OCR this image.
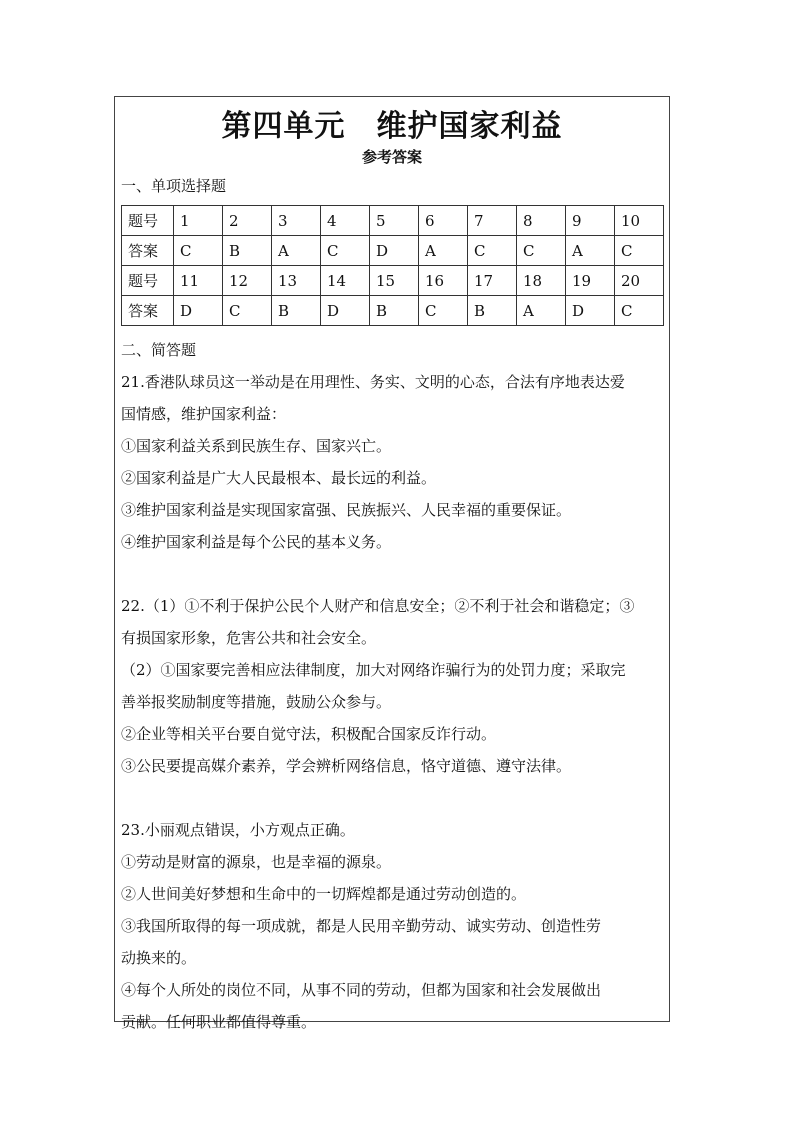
第四单元　维护国家利益
参考答案
一、单项选择题
题号	1	2	3	4	5	6	7	8	9	10
答案	C	B	A	C	D	A	C	C	A	C
题号	11	12	13	14	15	16	17	18	19	20
答案	D	C	B	D	B	C	B	A	D	C
二、简答题

21.香港队球员这一举动是在用理性、务实、文明的心态，合法有序地表达爱

国情感，维护国家利益：

①国家利益关系到民族生存、国家兴亡。

②国家利益是广大人民最根本、最长远的利益。

③维护国家利益是实现国家富强、民族振兴、人民幸福的重要保证。

④维护国家利益是每个公民的基本义务。

22.（1）①不利于保护公民个人财产和信息安全；②不利于社会和谐稳定；③

有损国家形象，危害公共和社会安全。

（2）①国家要完善相应法律制度，加大对网络诈骗行为的处罚力度；采取完

善举报奖励制度等措施，鼓励公众参与。

②企业等相关平台要自觉守法，积极配合国家反诈行动。

③公民要提高媒介素养，学会辨析网络信息，恪守道德、遵守法律。

23.小丽观点错误，小方观点正确。

①劳动是财富的源泉，也是幸福的源泉。

②人世间美好梦想和生命中的一切辉煌都是通过劳动创造的。

③我国所取得的每一项成就，都是人民用辛勤劳动、诚实劳动、创造性劳

动换来的。

④每个人所处的岗位不同，从事不同的劳动，但都为国家和社会发展做出

贡献。任何职业都值得尊重。
